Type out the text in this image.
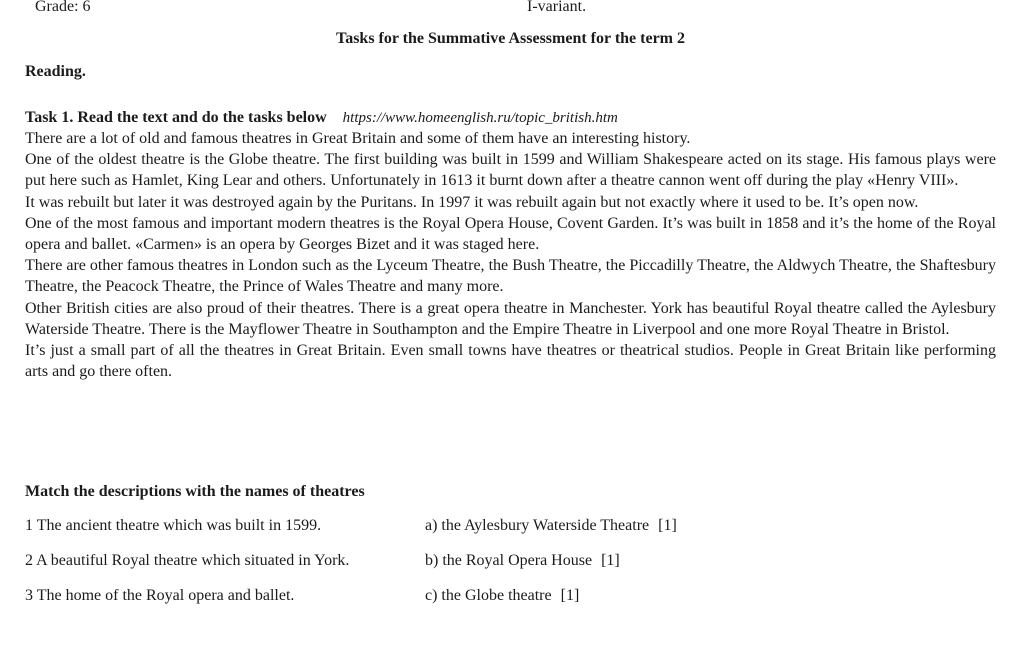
Grade: 6	I-variant.
Tasks for the Summative Assessment for the term 2
Reading.
Task 1. Read the text and do the tasks below https://www.homeenglish.ru/topic_british.htm

There are a lot of old and famous theatres in Great Britain and some of them have an interesting history.

One of the oldest theatre is the Globe theatre. The first building was built in 1599 and William Shakespeare acted on its stage. His famous plays were put here such as Hamlet, King Lear and others. Unfortunately in 1613 it burnt down after a theatre cannon went off during the play «Henry VIII».

It was rebuilt but later it was destroyed again by the Puritans. In 1997 it was rebuilt again but not exactly where it used to be. It’s open now.

One of the most famous and important modern theatres is the Royal Opera House, Covent Garden. It’s was built in 1858 and it’s the home of the Royal opera and ballet. «Carmen» is an opera by Georges Bizet and it was staged here.

There are other famous theatres in London such as the Lyceum Theatre, the Bush Theatre, the Piccadilly Theatre, the Aldwych Theatre, the Shaftesbury Theatre, the Peacock Theatre, the Prince of Wales Theatre and many more.

Other British cities are also proud of their theatres. There is a great opera theatre in Manchester. York has beautiful Royal theatre called the Aylesbury Waterside Theatre. There is the Mayflower Theatre in Southampton and the Empire Theatre in Liverpool and one more Royal Theatre in Bristol.

It’s just a small part of all the theatres in Great Britain. Even small towns have theatres or theatrical studios. People in Great Britain like performing arts and go there often.

Match the descriptions with the names of theatres
1 The ancient theatre which was built in 1599.	a) the Aylesbury Waterside Theatre [1]
2 A beautiful Royal theatre which situated in York.	b) the Royal Opera House [1]
3 The home of the Royal opera and ballet.	c) the Globe theatre [1]
